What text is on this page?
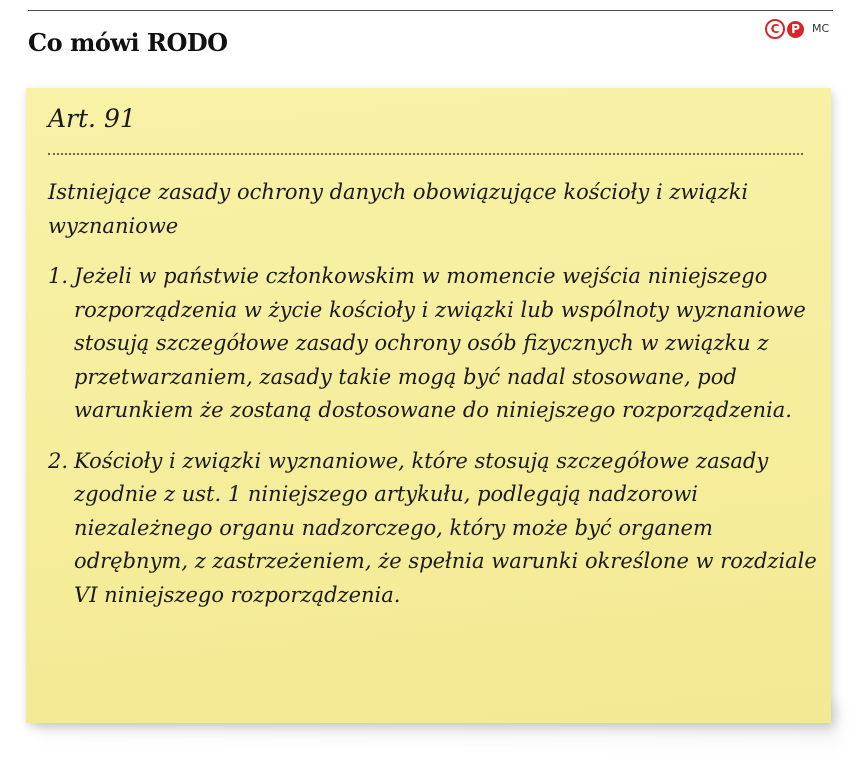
Co mówi RODO	C P	MC
Art. 91

Istniejące zasady ochrony danych obowiązujące kościoły i związki wyznaniowe

1. Jeżeli w państwie członkowskim w momencie wejścia niniejszego rozporządzenia w życie kościoły i związki lub wspólnoty wyznaniowe stosują szczegółowe zasady ochrony osób fizycznych w związku z przetwarzaniem, zasady takie mogą być nadal stosowane, pod warunkiem że zostaną dostosowane do niniejszego rozporządzenia.
2. Kościoły i związki wyznaniowe, które stosują szczegółowe zasady zgodnie z ust. 1 niniejszego artykułu, podlegają nadzorowi niezależnego organu nadzorczego, który może być organem odrębnym, z zastrzeżeniem, że spełnia warunki określone w rozdziale VI niniejszego rozporządzenia.
